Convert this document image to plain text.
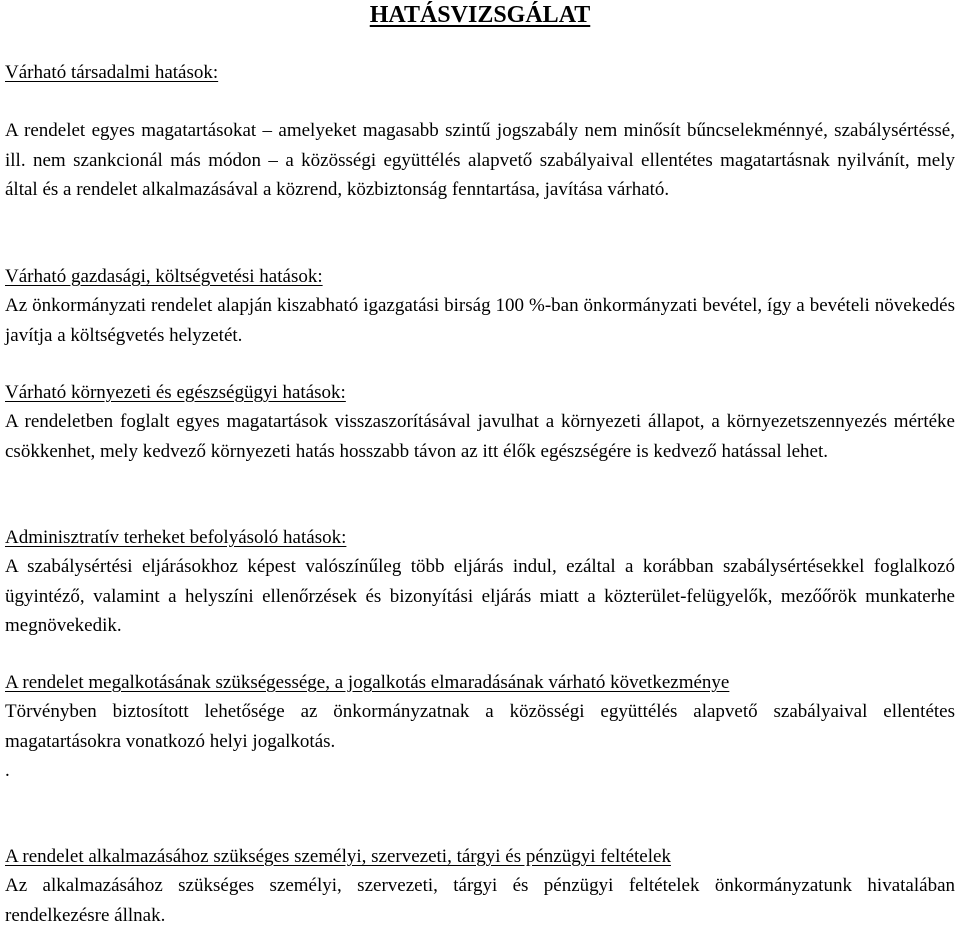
HATÁSVIZSGÁLAT
Várható társadalmi hatások:
A rendelet egyes magatartásokat – amelyeket magasabb szintű jogszabály nem minősít bűncselekménnyé, szabálysértéssé, ill. nem szankcionál más módon – a közösségi együttélés alapvető szabályaival ellentétes magatartásnak nyilvánít, mely által és a rendelet alkalmazásával a közrend, közbiztonság fenntartása, javítása várható.
Várható gazdasági, költségvetési hatások:
Az önkormányzati rendelet alapján kiszabható igazgatási birság 100 %-ban önkormányzati bevétel, így a bevételi növekedés javítja a költségvetés helyzetét.
Várható környezeti és egészségügyi hatások:
A rendeletben foglalt egyes magatartások visszaszorításával javulhat a környezeti állapot, a környezetszennyezés mértéke csökkenhet, mely kedvező környezeti hatás hosszabb távon az itt élők egészségére is kedvező hatással lehet.
Adminisztratív terheket befolyásoló hatások:
A szabálysértési eljárásokhoz képest valószínűleg több eljárás indul, ezáltal a korábban szabálysértésekkel foglalkozó ügyintéző, valamint a helyszíni ellenőrzések és bizonyítási eljárás miatt a közterület-felügyelők, mezőőrök munkaterhe megnövekedik.
A rendelet megalkotásának szükségessége, a jogalkotás elmaradásának várható következménye
Törvényben biztosított lehetősége az önkormányzatnak a közösségi együttélés alapvető szabályaival ellentétes magatartásokra vonatkozó helyi jogalkotás.
.
A rendelet alkalmazásához szükséges személyi, szervezeti, tárgyi és pénzügyi feltételek
Az alkalmazásához szükséges személyi, szervezeti, tárgyi és pénzügyi feltételek önkormányzatunk hivatalában rendelkezésre állnak.
